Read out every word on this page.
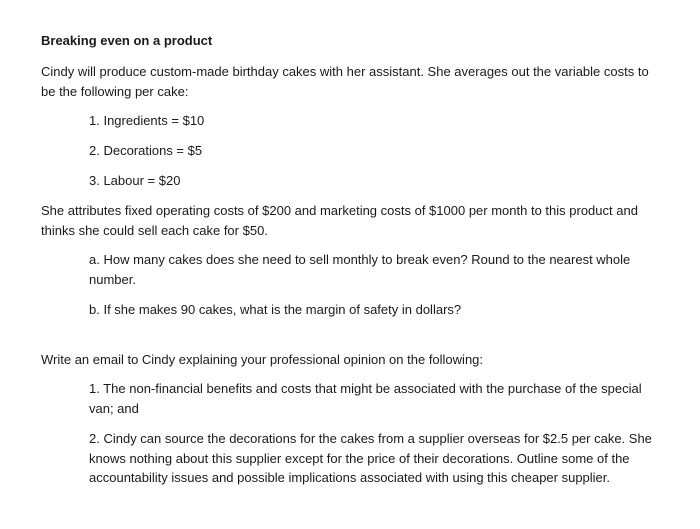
Breaking even on a product

Cindy will produce custom-made birthday cakes with her assistant. She averages out the variable costs to be the following per cake:

1. Ingredients = $10
2. Decorations = $5
3. Labour = $20

She attributes fixed operating costs of $200 and marketing costs of $1000 per month to this product and thinks she could sell each cake for $50.

a. How many cakes does she need to sell monthly to break even? Round to the nearest whole number.
b. If she makes 90 cakes, what is the margin of safety in dollars?

Write an email to Cindy explaining your professional opinion on the following:

1. The non-financial benefits and costs that might be associated with the purchase of the special van; and
2. Cindy can source the decorations for the cakes from a supplier overseas for $2.5 per cake. She knows nothing about this supplier except for the price of their decorations. Outline some of the accountability issues and possible implications associated with using this cheaper supplier.
